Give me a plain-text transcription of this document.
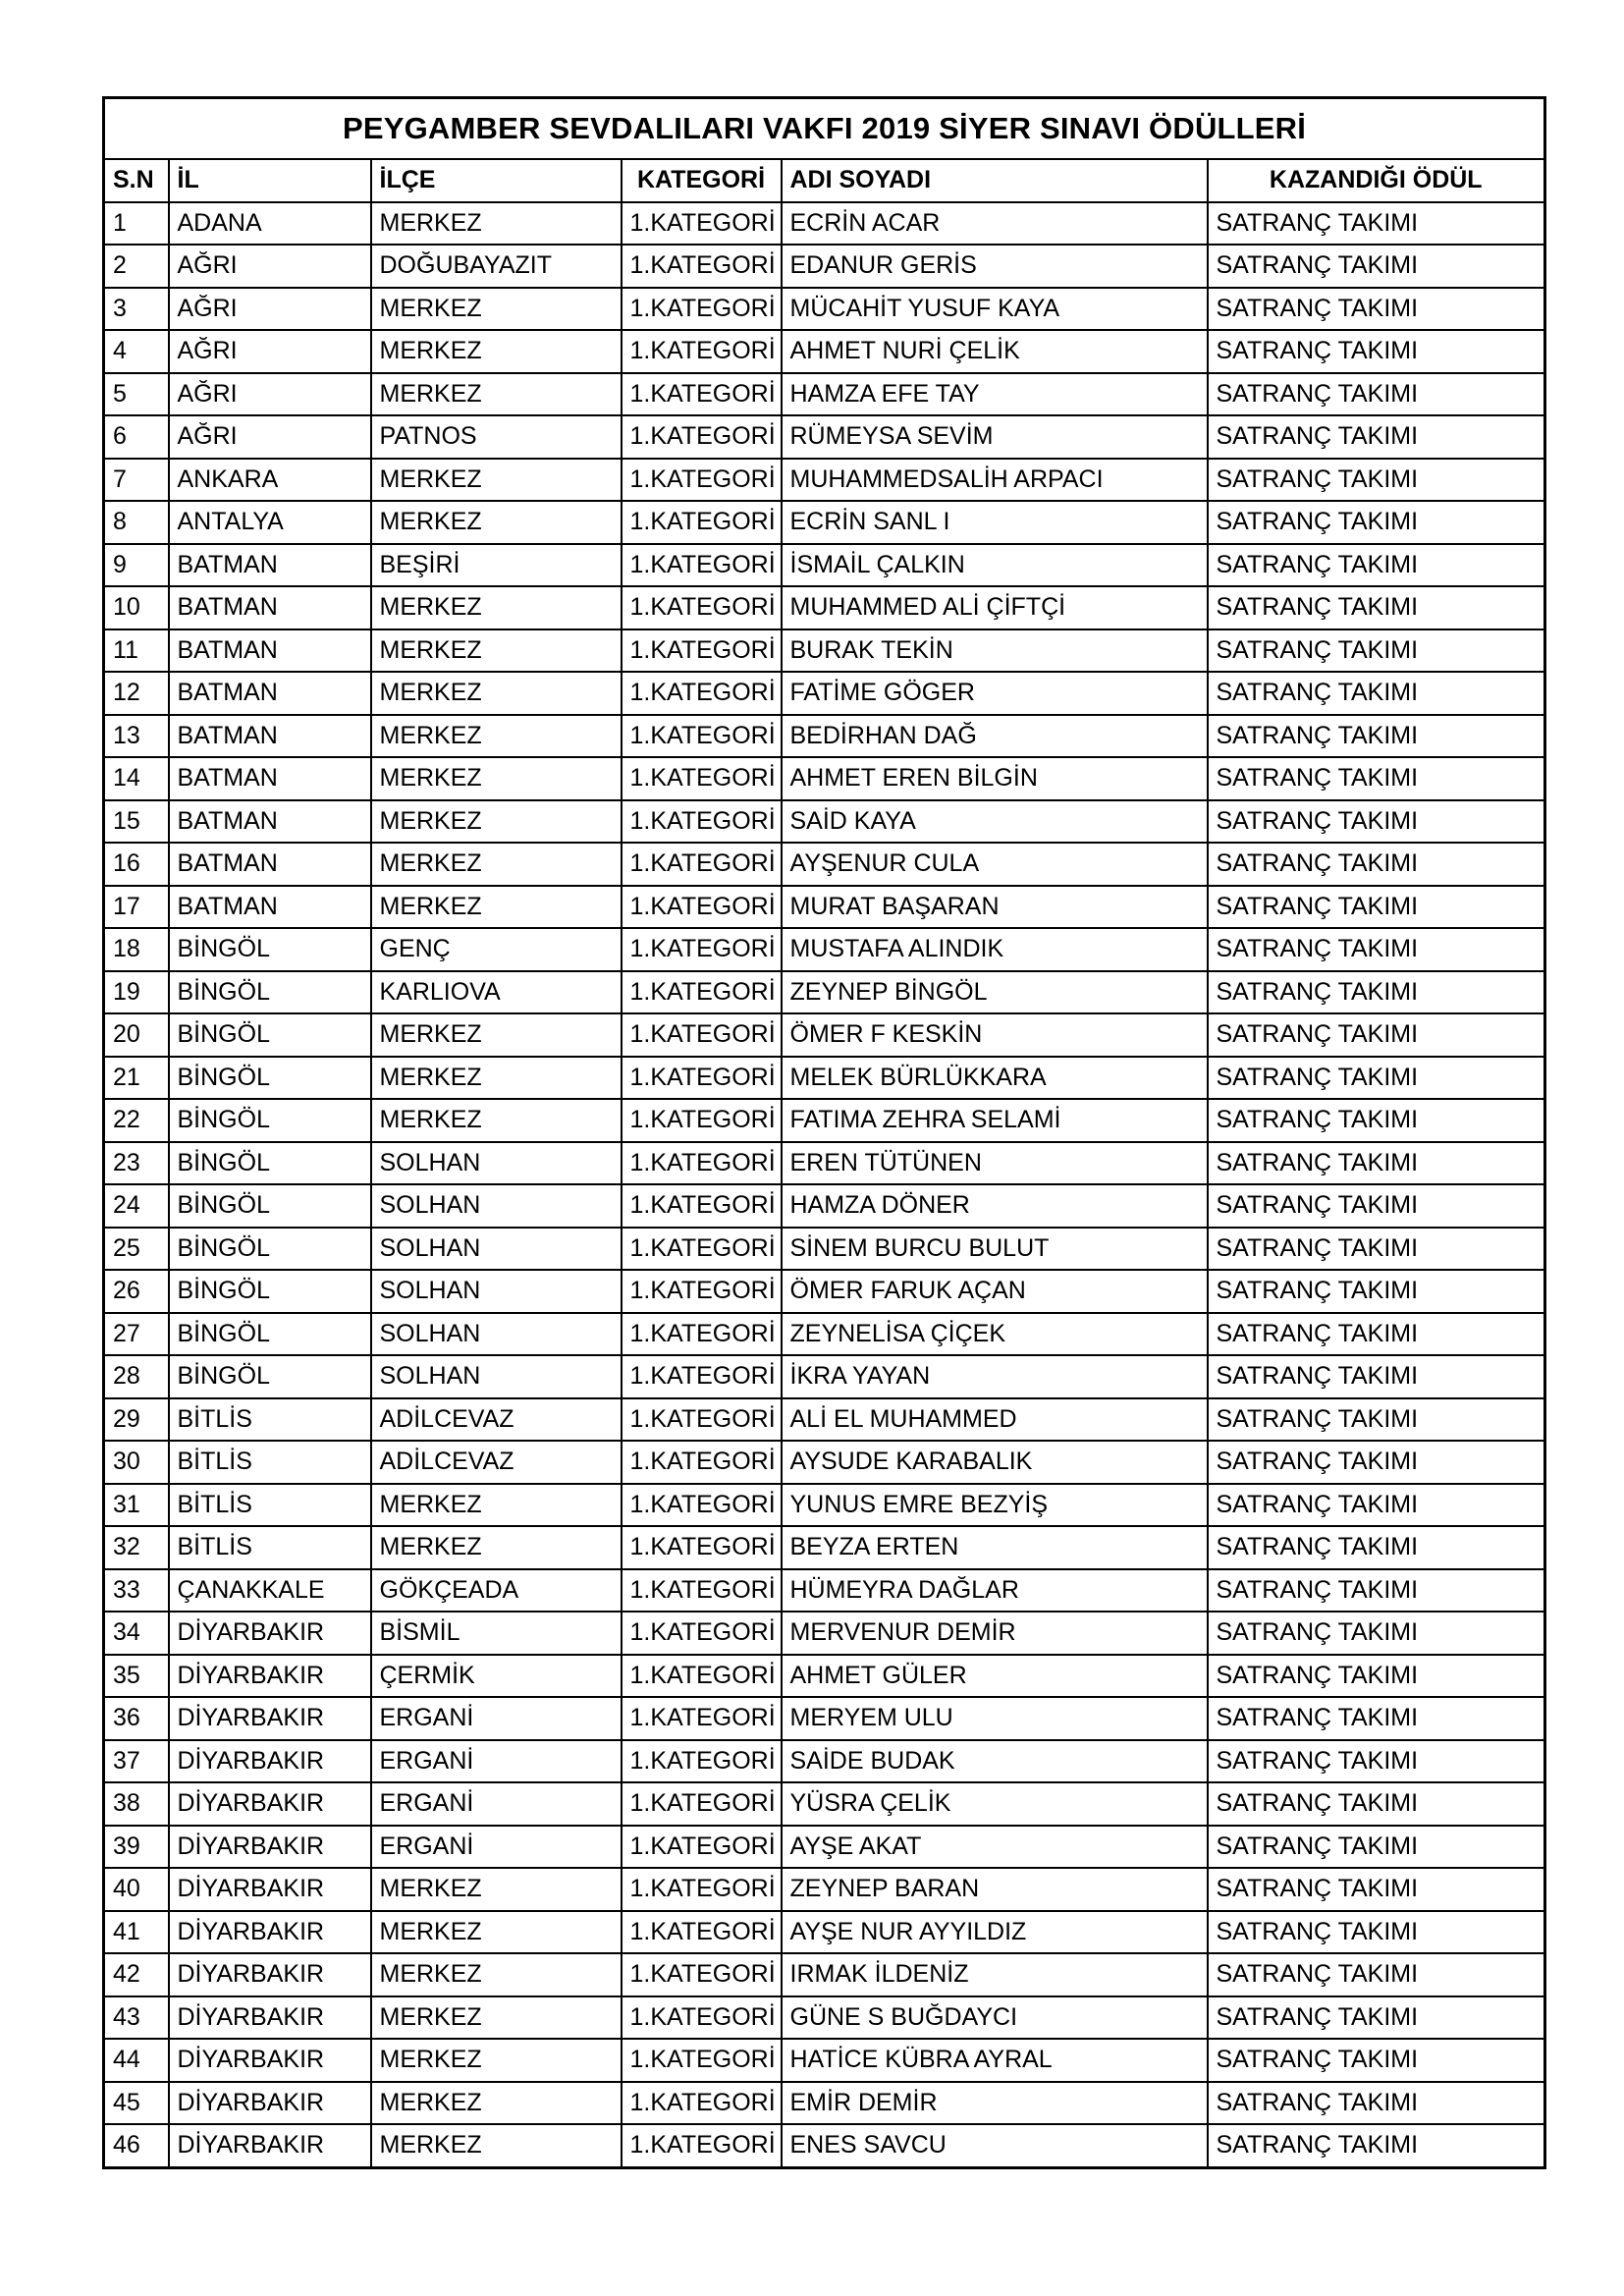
PEYGAMBER SEVDALILARI VAKFI 2019 SİYER SINAVI ÖDÜLLERİ					
S.N	İL	İLÇE	KATEGORİ	ADI SOYADI	KAZANDIĞI ÖDÜL
1	ADANA	MERKEZ	1.KATEGORİ	ECRİN ACAR	SATRANÇ TAKIMI
2	AĞRI	DOĞUBAYAZIT	1.KATEGORİ	EDANUR GERİS	SATRANÇ TAKIMI
3	AĞRI	MERKEZ	1.KATEGORİ	MÜCAHİT YUSUF KAYA	SATRANÇ TAKIMI
4	AĞRI	MERKEZ	1.KATEGORİ	AHMET NURİ ÇELİK	SATRANÇ TAKIMI
5	AĞRI	MERKEZ	1.KATEGORİ	HAMZA EFE TAY	SATRANÇ TAKIMI
6	AĞRI	PATNOS	1.KATEGORİ	RÜMEYSA SEVİM	SATRANÇ TAKIMI
7	ANKARA	MERKEZ	1.KATEGORİ	MUHAMMEDSALİH ARPACI	SATRANÇ TAKIMI
8	ANTALYA	MERKEZ	1.KATEGORİ	ECRİN SANL I	SATRANÇ TAKIMI
9	BATMAN	BEŞİRİ	1.KATEGORİ	İSMAİL ÇALKIN	SATRANÇ TAKIMI
10	BATMAN	MERKEZ	1.KATEGORİ	MUHAMMED ALİ ÇİFTÇİ	SATRANÇ TAKIMI
11	BATMAN	MERKEZ	1.KATEGORİ	BURAK TEKİN	SATRANÇ TAKIMI
12	BATMAN	MERKEZ	1.KATEGORİ	FATİME GÖGER	SATRANÇ TAKIMI
13	BATMAN	MERKEZ	1.KATEGORİ	BEDİRHAN DAĞ	SATRANÇ TAKIMI
14	BATMAN	MERKEZ	1.KATEGORİ	AHMET EREN BİLGİN	SATRANÇ TAKIMI
15	BATMAN	MERKEZ	1.KATEGORİ	SAİD KAYA	SATRANÇ TAKIMI
16	BATMAN	MERKEZ	1.KATEGORİ	AYŞENUR CULA	SATRANÇ TAKIMI
17	BATMAN	MERKEZ	1.KATEGORİ	MURAT BAŞARAN	SATRANÇ TAKIMI
18	BİNGÖL	GENÇ	1.KATEGORİ	MUSTAFA ALINDIK	SATRANÇ TAKIMI
19	BİNGÖL	KARLIOVA	1.KATEGORİ	ZEYNEP BİNGÖL	SATRANÇ TAKIMI
20	BİNGÖL	MERKEZ	1.KATEGORİ	ÖMER F KESKİN	SATRANÇ TAKIMI
21	BİNGÖL	MERKEZ	1.KATEGORİ	MELEK BÜRLÜKKARA	SATRANÇ TAKIMI
22	BİNGÖL	MERKEZ	1.KATEGORİ	FATIMA ZEHRA SELAMİ	SATRANÇ TAKIMI
23	BİNGÖL	SOLHAN	1.KATEGORİ	EREN TÜTÜNEN	SATRANÇ TAKIMI
24	BİNGÖL	SOLHAN	1.KATEGORİ	HAMZA DÖNER	SATRANÇ TAKIMI
25	BİNGÖL	SOLHAN	1.KATEGORİ	SİNEM BURCU BULUT	SATRANÇ TAKIMI
26	BİNGÖL	SOLHAN	1.KATEGORİ	ÖMER FARUK AÇAN	SATRANÇ TAKIMI
27	BİNGÖL	SOLHAN	1.KATEGORİ	ZEYNELİSA ÇİÇEK	SATRANÇ TAKIMI
28	BİNGÖL	SOLHAN	1.KATEGORİ	İKRA YAYAN	SATRANÇ TAKIMI
29	BİTLİS	ADİLCEVAZ	1.KATEGORİ	ALİ EL MUHAMMED	SATRANÇ TAKIMI
30	BİTLİS	ADİLCEVAZ	1.KATEGORİ	AYSUDE KARABALIK	SATRANÇ TAKIMI
31	BİTLİS	MERKEZ	1.KATEGORİ	YUNUS EMRE BEZYİŞ	SATRANÇ TAKIMI
32	BİTLİS	MERKEZ	1.KATEGORİ	BEYZA ERTEN	SATRANÇ TAKIMI
33	ÇANAKKALE	GÖKÇEADA	1.KATEGORİ	HÜMEYRA DAĞLAR	SATRANÇ TAKIMI
34	DİYARBAKIR	BİSMİL	1.KATEGORİ	MERVENUR DEMİR	SATRANÇ TAKIMI
35	DİYARBAKIR	ÇERMİK	1.KATEGORİ	AHMET GÜLER	SATRANÇ TAKIMI
36	DİYARBAKIR	ERGANİ	1.KATEGORİ	MERYEM ULU	SATRANÇ TAKIMI
37	DİYARBAKIR	ERGANİ	1.KATEGORİ	SAİDE BUDAK	SATRANÇ TAKIMI
38	DİYARBAKIR	ERGANİ	1.KATEGORİ	YÜSRA ÇELİK	SATRANÇ TAKIMI
39	DİYARBAKIR	ERGANİ	1.KATEGORİ	AYŞE AKAT	SATRANÇ TAKIMI
40	DİYARBAKIR	MERKEZ	1.KATEGORİ	ZEYNEP BARAN	SATRANÇ TAKIMI
41	DİYARBAKIR	MERKEZ	1.KATEGORİ	AYŞE NUR AYYILDIZ	SATRANÇ TAKIMI
42	DİYARBAKIR	MERKEZ	1.KATEGORİ	IRMAK İLDENİZ	SATRANÇ TAKIMI
43	DİYARBAKIR	MERKEZ	1.KATEGORİ	GÜNE S BUĞDAYCI	SATRANÇ TAKIMI
44	DİYARBAKIR	MERKEZ	1.KATEGORİ	HATİCE KÜBRA AYRAL	SATRANÇ TAKIMI
45	DİYARBAKIR	MERKEZ	1.KATEGORİ	EMİR DEMİR	SATRANÇ TAKIMI
46	DİYARBAKIR	MERKEZ	1.KATEGORİ	ENES SAVCU	SATRANÇ TAKIMI
